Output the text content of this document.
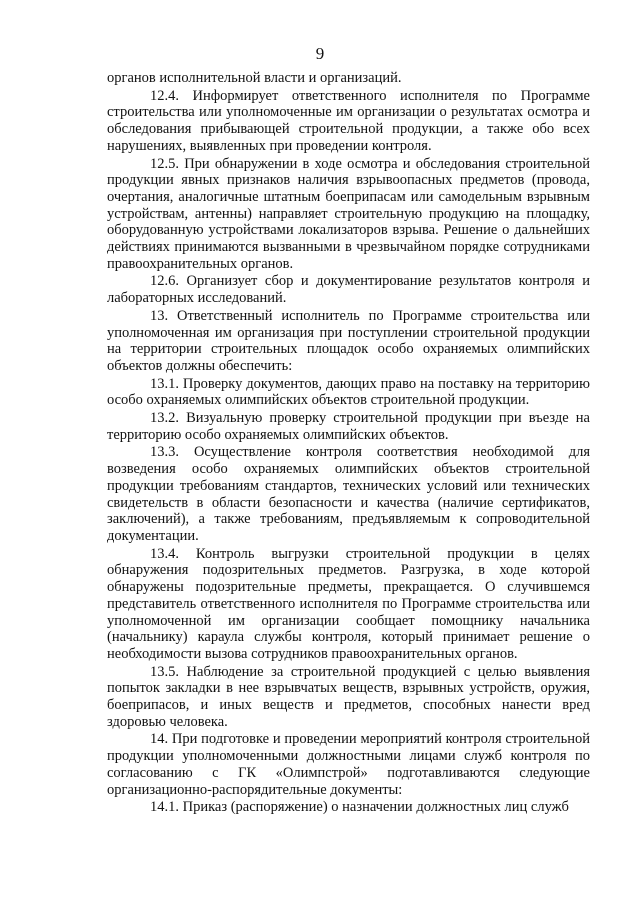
9

органов исполнительной власти и организаций.

12.4. Информирует ответственного исполнителя по Программе строительства или уполномоченные им организации о результатах осмотра и обследования прибывающей строительной продукции, а также обо всех нарушениях, выявленных при проведении контроля.

12.5. При обнаружении в ходе осмотра и обследования строительной продукции явных признаков наличия взрывоопасных предметов (провода, очертания, аналогичные штатным боеприпасам или самодельным взрывным устройствам, антенны) направляет строительную продукцию на площадку, оборудованную устройствами локализаторов взрыва. Решение о дальнейших действиях принимаются вызванными в чрезвычайном порядке сотрудниками правоохранительных органов.

12.6. Организует сбор и документирование результатов контроля и лабораторных исследований.

13. Ответственный исполнитель по Программе строительства или уполномоченная им организация при поступлении строительной продукции на территории строительных площадок особо охраняемых олимпийских объектов должны обеспечить:

13.1. Проверку документов, дающих право на поставку на территорию особо охраняемых олимпийских объектов строительной продукции.

13.2. Визуальную проверку строительной продукции при въезде на территорию особо охраняемых олимпийских объектов.

13.3. Осуществление контроля соответствия необходимой для возведения особо охраняемых олимпийских объектов строительной продукции требованиям стандартов, технических условий или технических свидетельств в области безопасности и качества (наличие сертификатов, заключений), а также требованиям, предъявляемым к сопроводительной документации.

13.4. Контроль выгрузки строительной продукции в целях обнаружения подозрительных предметов. Разгрузка, в ходе которой обнаружены подозрительные предметы, прекращается. О случившемся представитель ответственного исполнителя по Программе строительства или уполномоченной им организации сообщает помощнику начальника (начальнику) караула службы контроля, который принимает решение о необходимости вызова сотрудников правоохранительных органов.

13.5. Наблюдение за строительной продукцией с целью выявления попыток закладки в нее взрывчатых веществ, взрывных устройств, оружия, боеприпасов, и иных веществ и предметов, способных нанести вред здоровью человека.

14. При подготовке и проведении мероприятий контроля строительной продукции уполномоченными должностными лицами служб контроля по согласованию с ГК «Олимпстрой» подготавливаются следующие организационно-распорядительные документы:

14.1. Приказ (распоряжение) о назначении должностных лиц служб
